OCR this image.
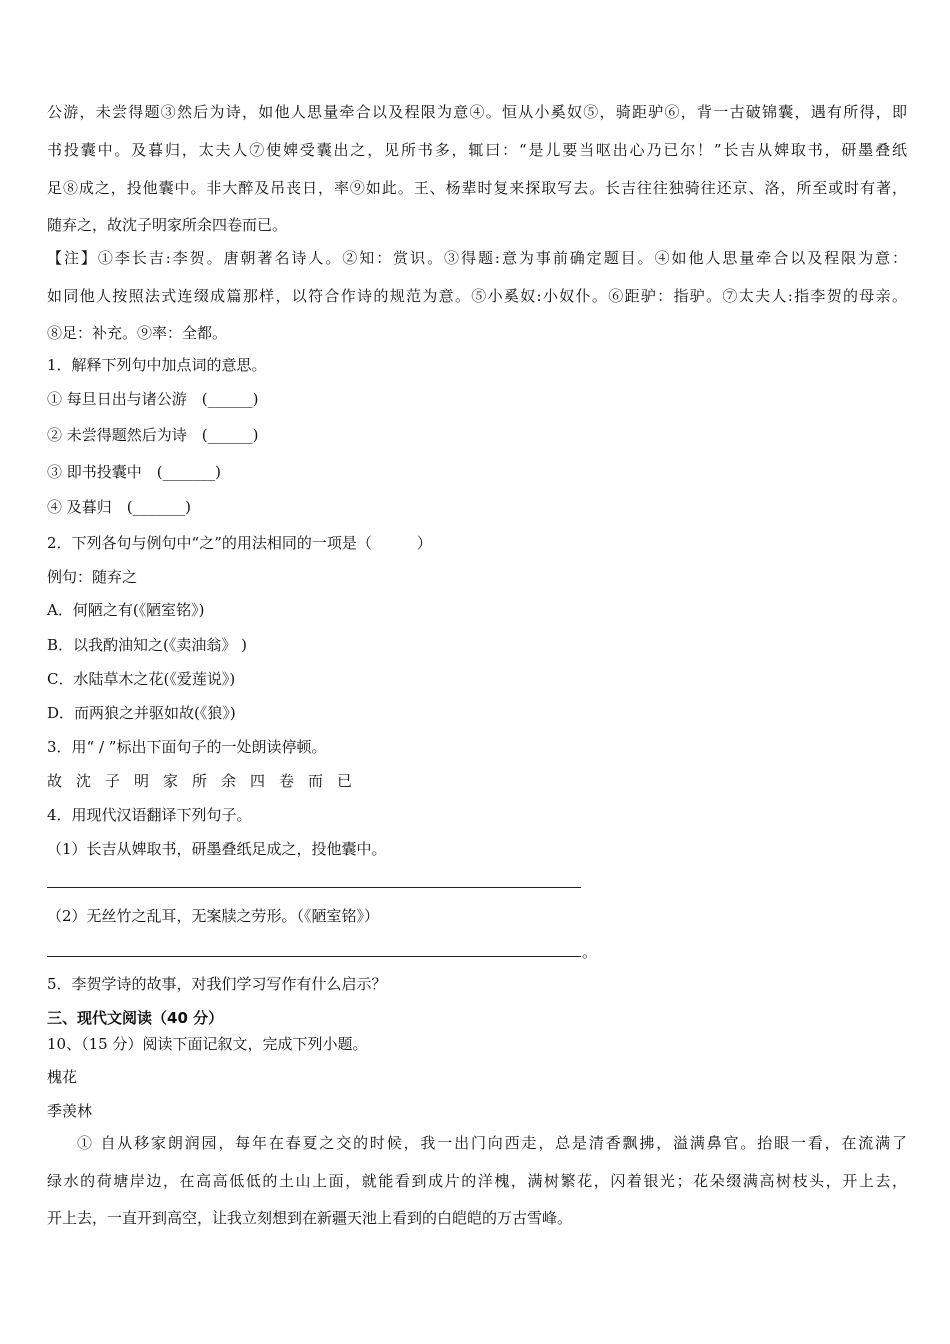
公游，未尝得题③然后为诗，如他人思量牵合以及程限为意④。恒从小奚奴⑤，骑距驴⑥，背一古破锦囊，遇有所得，即
书投囊中。及暮归，太夫人⑦使婢受囊出之，见所书多，辄曰：“是儿要当呕出心乃已尔！”长吉从婢取书，研墨叠纸
足⑧成之，投他囊中。非大醉及吊丧日，率⑨如此。王、杨辈时复来探取写去。长吉往往独骑往还京、洛，所至或时有著，
随弃之，故沈子明家所余四卷而已。
【注】①李长吉:李贺。唐朝著名诗人。②知：赏识。③得题:意为事前确定题目。④如他人思量牵合以及程限为意：
如同他人按照法式连缀成篇那样，以符合作诗的规范为意。⑤小奚奴:小奴仆。⑥距驴：指驴。⑦太夫人:指李贺的母亲。
⑧足：补充。⑨率：全都。
1．解释下列句中加点词的意思。
① 每旦日出与诸公游　(______)
② 未尝得题然后为诗　(______)
③ 即书投囊中　(_______)
④ 及暮归　(_______)
2．下列各句与例句中“之”的用法相同的一项是（　　　）
例句：随弃之
A．何陋之有(《陋室铭》)
B．以我酌油知之(《卖油翁》 )
C．水陆草木之花(《爱莲说》)
D．而两狼之并驱如故(《狼》)
3．用“ / ”标出下面句子的一处朗读停顿。
故沈子明家所余四卷而已
4．用现代汉语翻译下列句子。
（1）长吉从婢取书，研墨叠纸足成之，投他囊中。
（2）无丝竹之乱耳，无案牍之劳形。（《陋室铭》）
。
5．李贺学诗的故事，对我们学习写作有什么启示？
三、现代文阅读（40 分）
10、（15 分）阅读下面记叙文，完成下列小题。
槐花
季羡林
① 自从移家朗润园，每年在春夏之交的时候，我一出门向西走，总是清香飘拂，溢满鼻官。抬眼一看，在流满了
绿水的荷塘岸边，在高高低低的土山上面，就能看到成片的洋槐，满树繁花，闪着银光；花朵缀满高树枝头，开上去，
开上去，一直开到高空，让我立刻想到在新疆天池上看到的白皑皑的万古雪峰。
